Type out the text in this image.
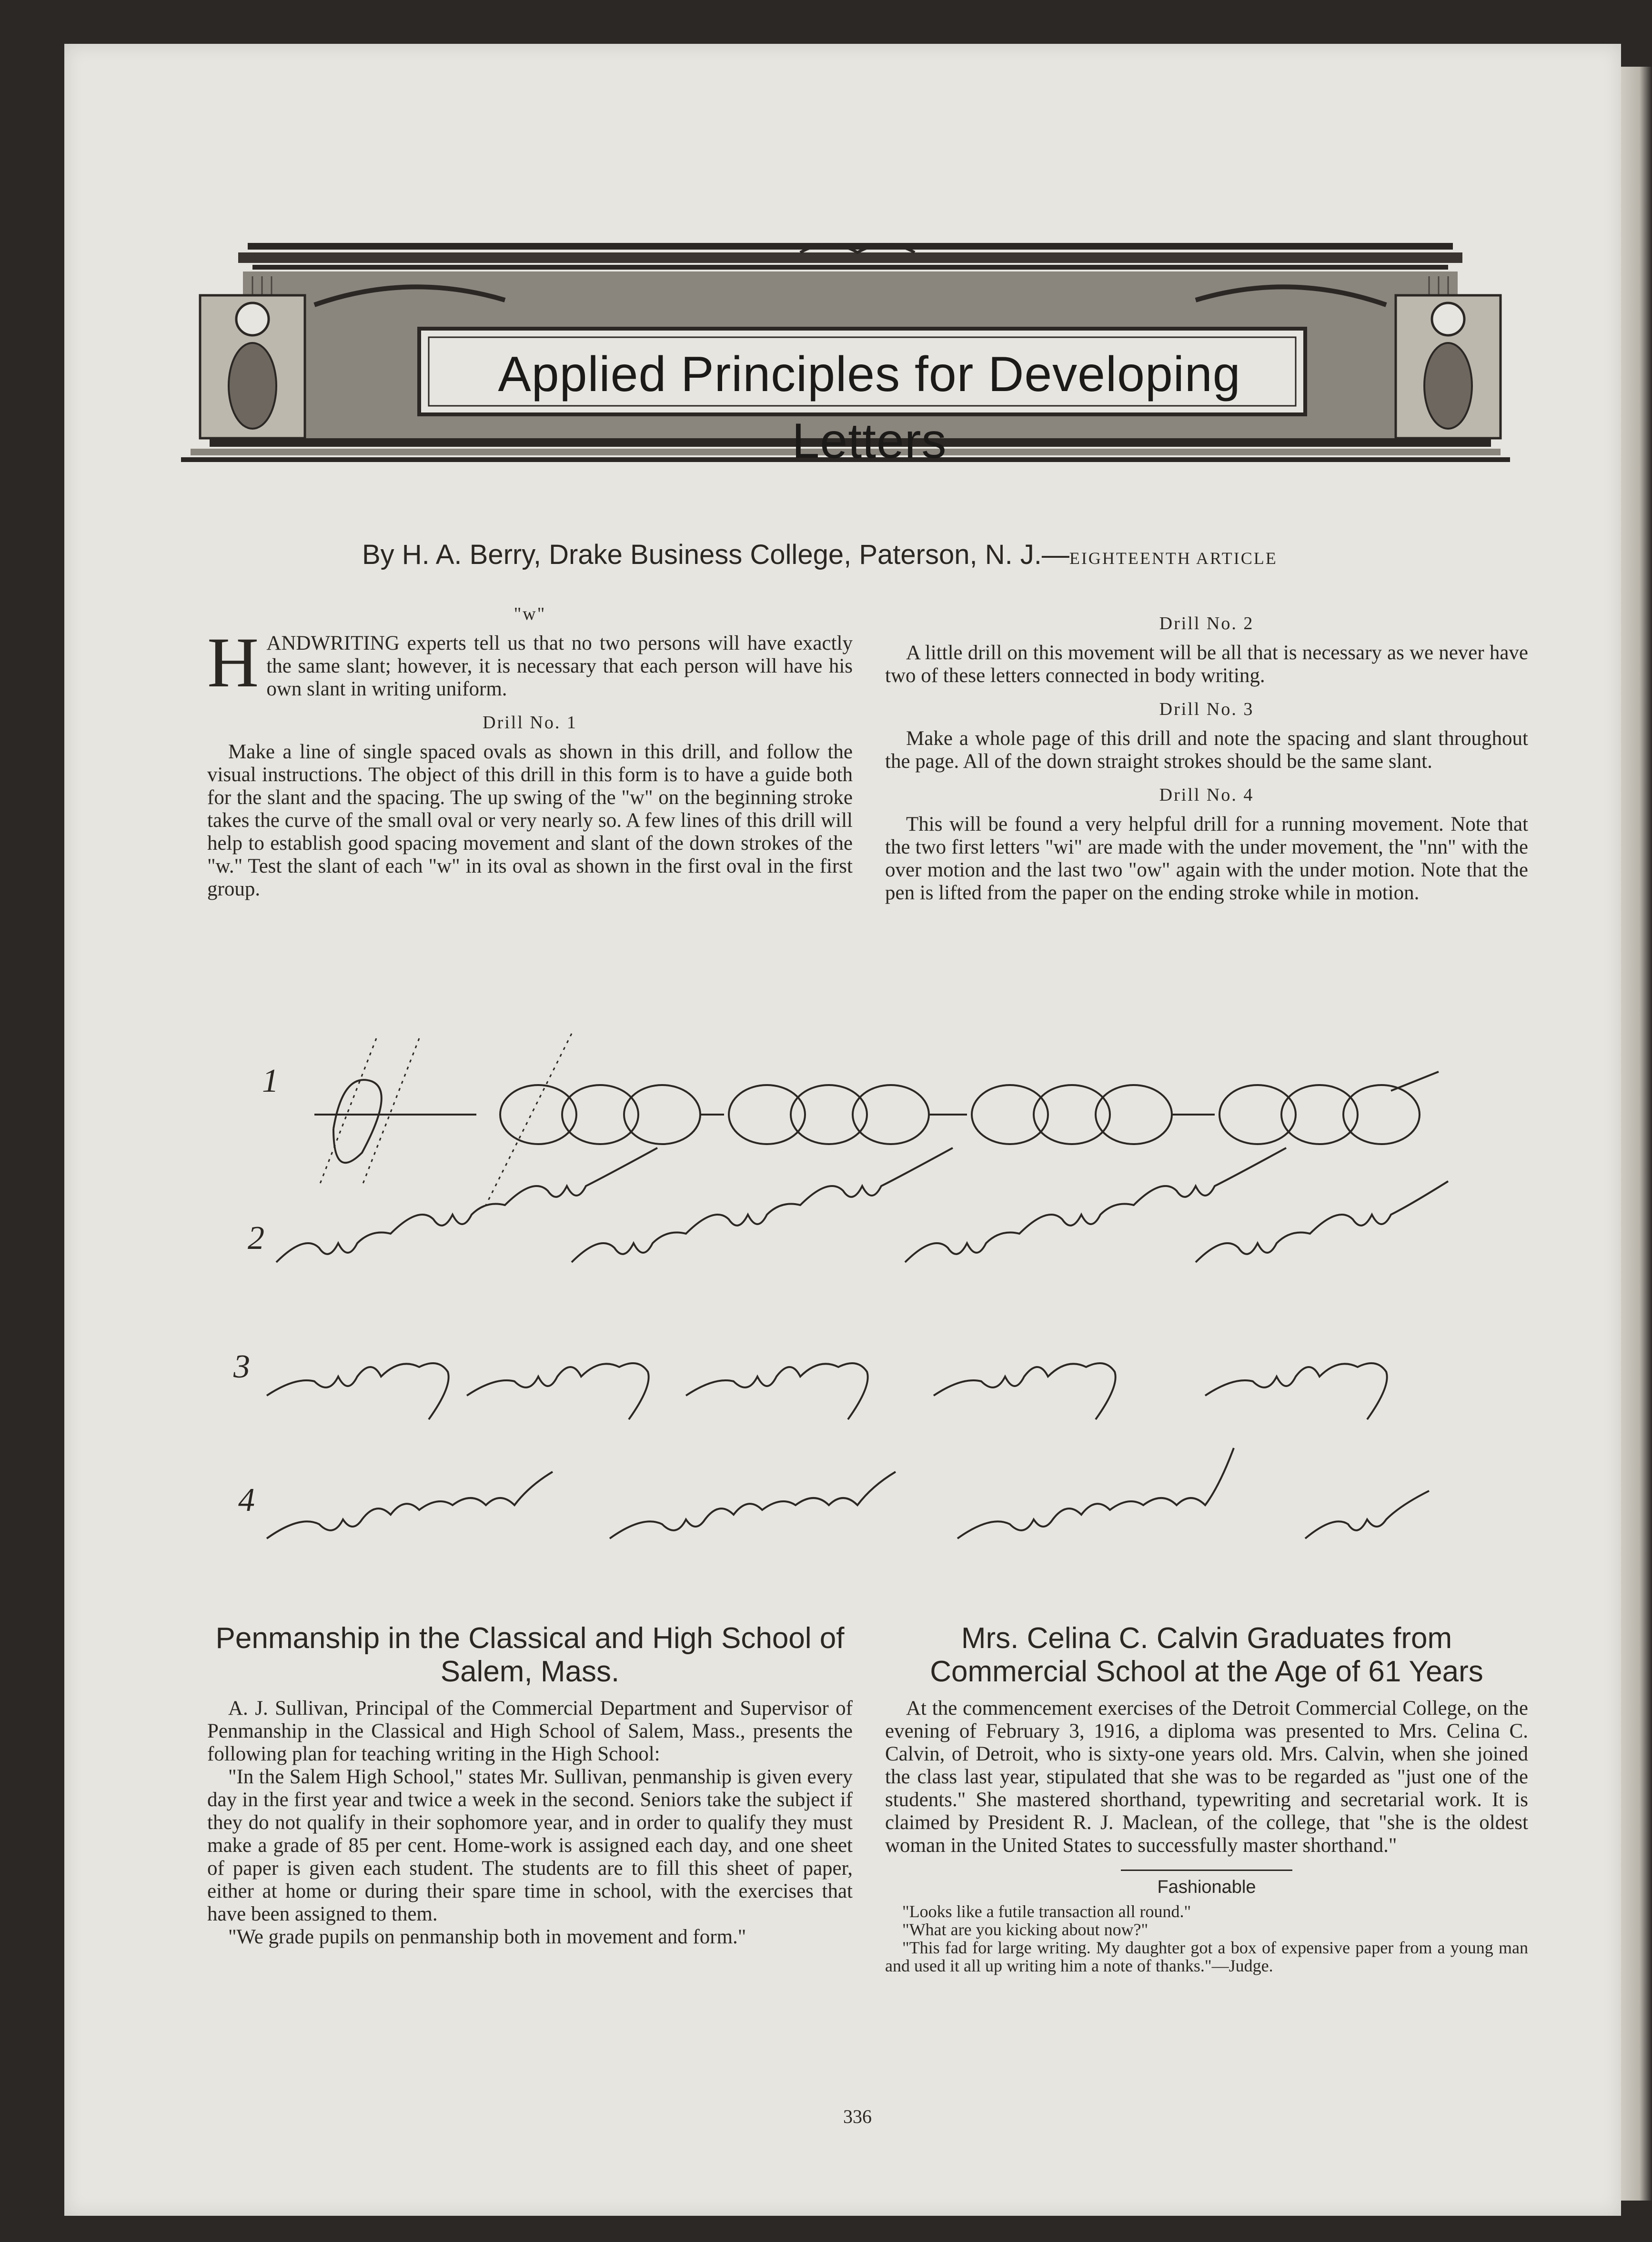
Applied Principles for Developing Letters
By H. A. Berry, Drake Business College, Paterson, N. J.—EIGHTEENTH ARTICLE
"w"

HANDWRITING experts tell us that no two persons will have exactly the same slant; however, it is necessary that each person will have his own slant in writing uniform.

Drill No. 1

Make a line of single spaced ovals as shown in this drill, and follow the visual instructions. The object of this drill in this form is to have a guide both for the slant and the spacing. The up swing of the "w" on the beginning stroke takes the curve of the small oval or very nearly so. A few lines of this drill will help to establish good spacing movement and slant of the down strokes of the "w." Test the slant of each "w" in its oval as shown in the first oval in the first group.

Drill No. 2

A little drill on this movement will be all that is necessary as we never have two of these letters connected in body writing.

Drill No. 3

Make a whole page of this drill and note the spacing and slant throughout the page. All of the down straight strokes should be the same slant.

Drill No. 4

This will be found a very helpful drill for a running movement. Note that the two first letters "wi" are made with the under movement, the "nn" with the over motion and the last two "ow" again with the under motion. Note that the pen is lifted from the paper on the ending stroke while in motion.

1
2
3
4
Penmanship in the Classical and High School of Salem, Mass.

A. J. Sullivan, Principal of the Commercial Department and Supervisor of Penmanship in the Classical and High School of Salem, Mass., presents the following plan for teaching writing in the High School:

"In the Salem High School," states Mr. Sullivan, penmanship is given every day in the first year and twice a week in the second. Seniors take the subject if they do not qualify in their sophomore year, and in order to qualify they must make a grade of 85 per cent. Home-work is assigned each day, and one sheet of paper is given each student. The students are to fill this sheet of paper, either at home or during their spare time in school, with the exercises that have been assigned to them.

"We grade pupils on penmanship both in movement and form."

Mrs. Celina C. Calvin Graduates from Commercial School at the Age of 61 Years

At the commencement exercises of the Detroit Commercial College, on the evening of February 3, 1916, a diploma was presented to Mrs. Celina C. Calvin, of Detroit, who is sixty-one years old. Mrs. Calvin, when she joined the class last year, stipulated that she was to be regarded as "just one of the students." She mastered shorthand, typewriting and secretarial work. It is claimed by President R. J. Maclean, of the college, that "she is the oldest woman in the United States to successfully master shorthand."

Fashionable

"Looks like a futile transaction all round."

"What are you kicking about now?"

"This fad for large writing. My daughter got a box of expensive paper from a young man and used it all up writing him a note of thanks."—Judge.

336
